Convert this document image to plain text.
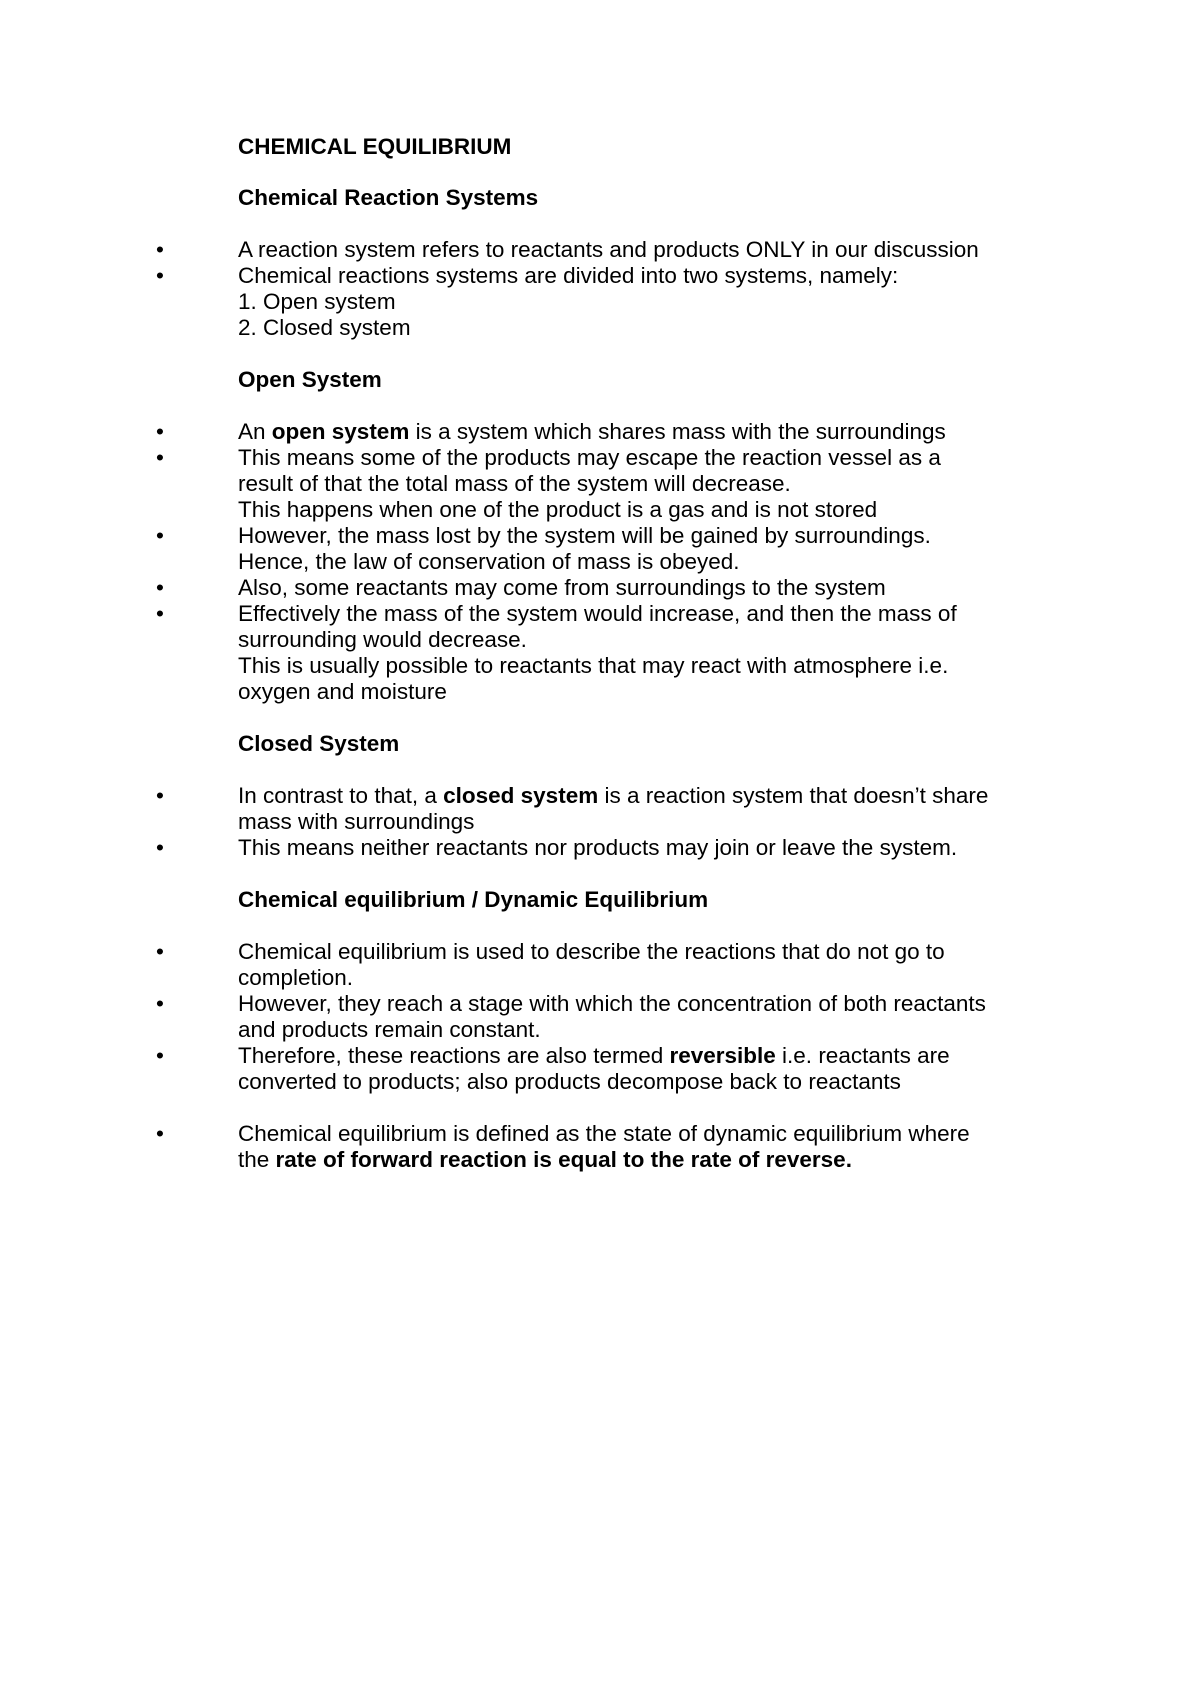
CHEMICAL EQUILIBRIUM
Chemical Reaction Systems
•	A reaction system refers to reactants and products ONLY in our discussion
•	Chemical reactions systems are divided into two systems, namely:
1. Open system
2. Closed system
Open System
•	An open system is a system which shares mass with the surroundings
•	This means some of the products may escape the reaction vessel as a
result of that the total mass of the system will decrease.
This happens when one of the product is a gas and is not stored
•	However, the mass lost by the system will be gained by surroundings.
Hence, the law of conservation of mass is obeyed.
•	Also, some reactants may come from surroundings to the system
•	Effectively the mass of the system would increase, and then the mass of
surrounding would decrease.
This is usually possible to reactants that may react with atmosphere i.e.
oxygen and moisture
Closed System
•	In contrast to that, a closed system is a reaction system that doesn’t share
mass with surroundings
•	This means neither reactants nor products may join or leave the system.
Chemical equilibrium / Dynamic Equilibrium
•	Chemical equilibrium is used to describe the reactions that do not go to
completion.
•	However, they reach a stage with which the concentration of both reactants
and products remain constant.
•	Therefore, these reactions are also termed reversible i.e. reactants are
converted to products; also products decompose back to reactants
•	Chemical equilibrium is defined as the state of dynamic equilibrium where
the rate of forward reaction is equal to the rate of reverse.
